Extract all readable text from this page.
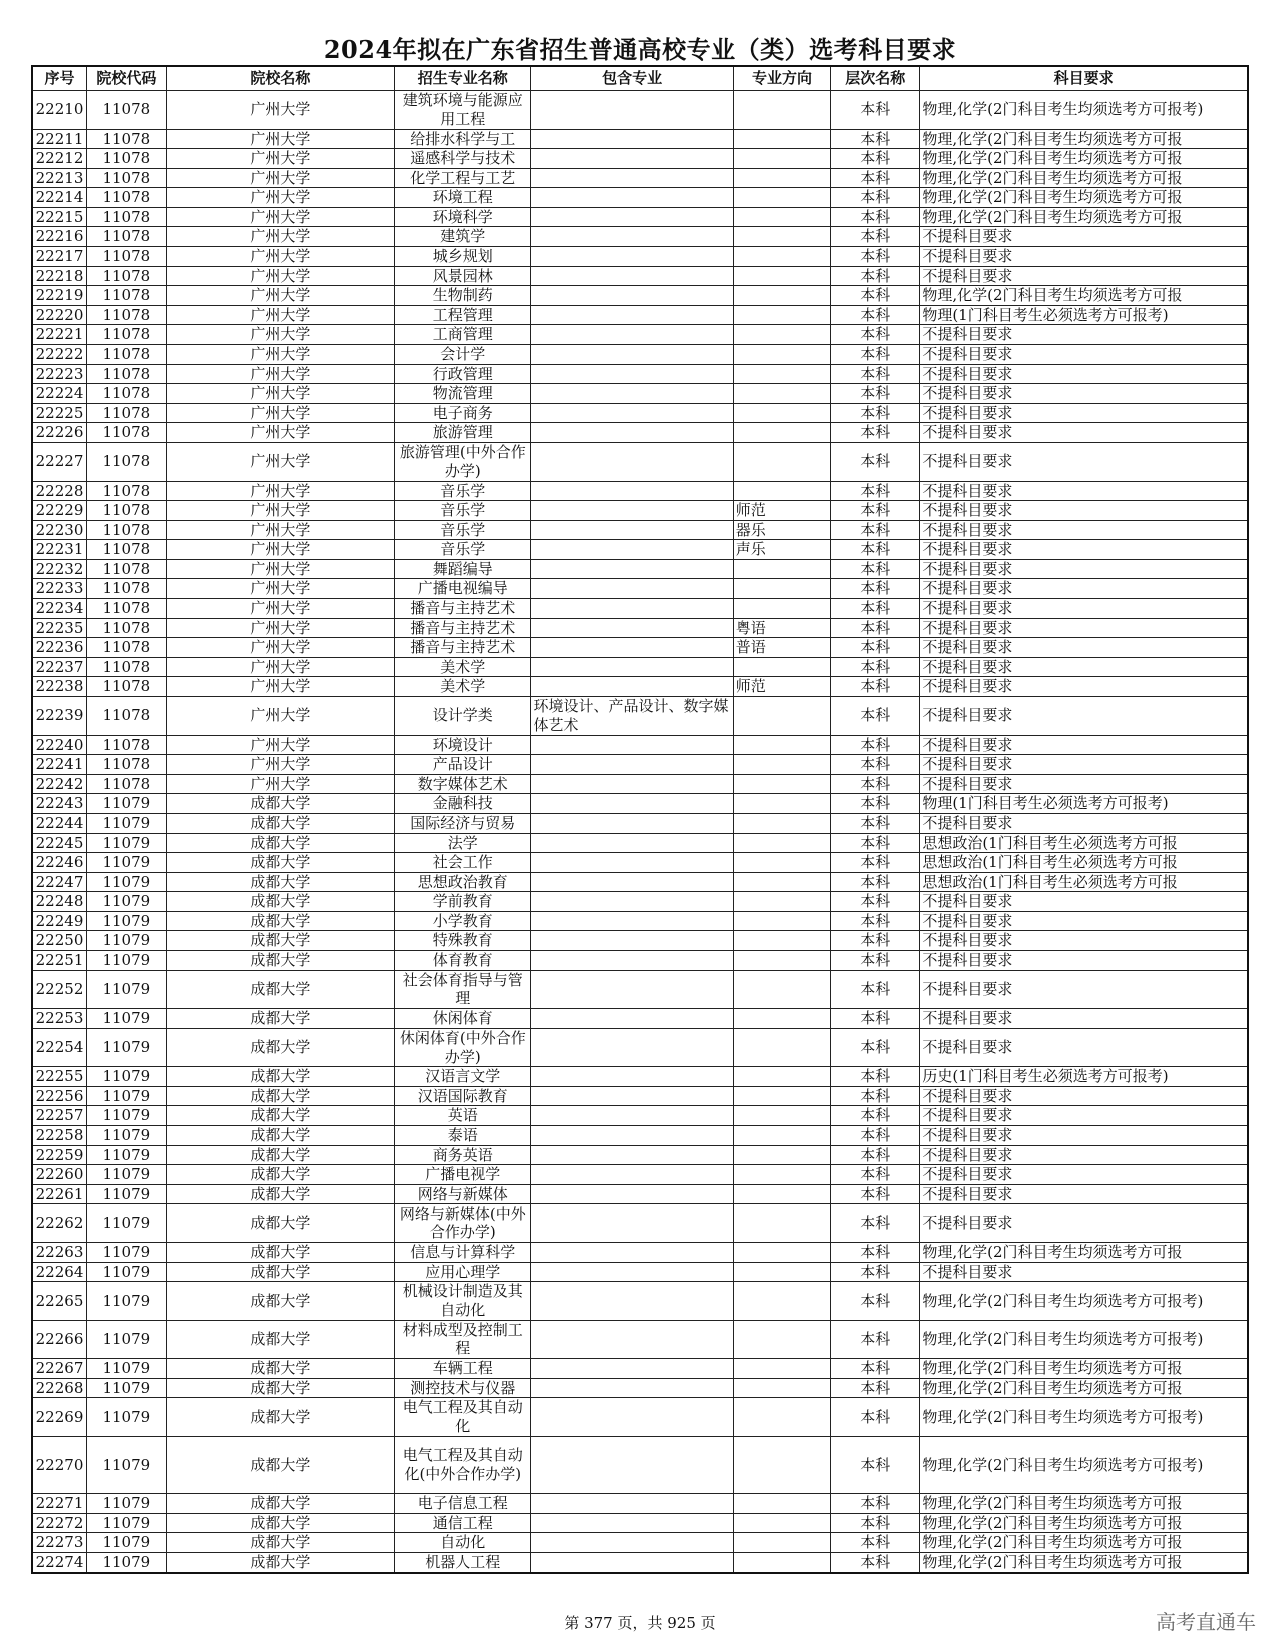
2024年拟在广东省招生普通高校专业（类）选考科目要求
序号	院校代码	院校名称	招生专业名称	包含专业	专业方向	层次名称	科目要求
22210	11078	广州大学	建筑环境与能源应用工程			本科	物理,化学(2门科目考生均须选考方可报考)
22211	11078	广州大学	给排水科学与工			本科	物理,化学(2门科目考生均须选考方可报
22212	11078	广州大学	遥感科学与技术			本科	物理,化学(2门科目考生均须选考方可报
22213	11078	广州大学	化学工程与工艺			本科	物理,化学(2门科目考生均须选考方可报
22214	11078	广州大学	环境工程			本科	物理,化学(2门科目考生均须选考方可报
22215	11078	广州大学	环境科学			本科	物理,化学(2门科目考生均须选考方可报
22216	11078	广州大学	建筑学			本科	不提科目要求
22217	11078	广州大学	城乡规划			本科	不提科目要求
22218	11078	广州大学	风景园林			本科	不提科目要求
22219	11078	广州大学	生物制药			本科	物理,化学(2门科目考生均须选考方可报
22220	11078	广州大学	工程管理			本科	物理(1门科目考生必须选考方可报考)
22221	11078	广州大学	工商管理			本科	不提科目要求
22222	11078	广州大学	会计学			本科	不提科目要求
22223	11078	广州大学	行政管理			本科	不提科目要求
22224	11078	广州大学	物流管理			本科	不提科目要求
22225	11078	广州大学	电子商务			本科	不提科目要求
22226	11078	广州大学	旅游管理			本科	不提科目要求
22227	11078	广州大学	旅游管理(中外合作办学)			本科	不提科目要求
22228	11078	广州大学	音乐学			本科	不提科目要求
22229	11078	广州大学	音乐学		师范	本科	不提科目要求
22230	11078	广州大学	音乐学		器乐	本科	不提科目要求
22231	11078	广州大学	音乐学		声乐	本科	不提科目要求
22232	11078	广州大学	舞蹈编导			本科	不提科目要求
22233	11078	广州大学	广播电视编导			本科	不提科目要求
22234	11078	广州大学	播音与主持艺术			本科	不提科目要求
22235	11078	广州大学	播音与主持艺术		粤语	本科	不提科目要求
22236	11078	广州大学	播音与主持艺术		普语	本科	不提科目要求
22237	11078	广州大学	美术学			本科	不提科目要求
22238	11078	广州大学	美术学		师范	本科	不提科目要求
22239	11078	广州大学	设计学类	环境设计、产品设计、数字媒体艺术		本科	不提科目要求
22240	11078	广州大学	环境设计			本科	不提科目要求
22241	11078	广州大学	产品设计			本科	不提科目要求
22242	11078	广州大学	数字媒体艺术			本科	不提科目要求
22243	11079	成都大学	金融科技			本科	物理(1门科目考生必须选考方可报考)
22244	11079	成都大学	国际经济与贸易			本科	不提科目要求
22245	11079	成都大学	法学			本科	思想政治(1门科目考生必须选考方可报
22246	11079	成都大学	社会工作			本科	思想政治(1门科目考生必须选考方可报
22247	11079	成都大学	思想政治教育			本科	思想政治(1门科目考生必须选考方可报
22248	11079	成都大学	学前教育			本科	不提科目要求
22249	11079	成都大学	小学教育			本科	不提科目要求
22250	11079	成都大学	特殊教育			本科	不提科目要求
22251	11079	成都大学	体育教育			本科	不提科目要求
22252	11079	成都大学	社会体育指导与管理			本科	不提科目要求
22253	11079	成都大学	休闲体育			本科	不提科目要求
22254	11079	成都大学	休闲体育(中外合作办学)			本科	不提科目要求
22255	11079	成都大学	汉语言文学			本科	历史(1门科目考生必须选考方可报考)
22256	11079	成都大学	汉语国际教育			本科	不提科目要求
22257	11079	成都大学	英语			本科	不提科目要求
22258	11079	成都大学	泰语			本科	不提科目要求
22259	11079	成都大学	商务英语			本科	不提科目要求
22260	11079	成都大学	广播电视学			本科	不提科目要求
22261	11079	成都大学	网络与新媒体			本科	不提科目要求
22262	11079	成都大学	网络与新媒体(中外合作办学)			本科	不提科目要求
22263	11079	成都大学	信息与计算科学			本科	物理,化学(2门科目考生均须选考方可报
22264	11079	成都大学	应用心理学			本科	不提科目要求
22265	11079	成都大学	机械设计制造及其自动化			本科	物理,化学(2门科目考生均须选考方可报考)
22266	11079	成都大学	材料成型及控制工程			本科	物理,化学(2门科目考生均须选考方可报考)
22267	11079	成都大学	车辆工程			本科	物理,化学(2门科目考生均须选考方可报
22268	11079	成都大学	测控技术与仪器			本科	物理,化学(2门科目考生均须选考方可报
22269	11079	成都大学	电气工程及其自动化			本科	物理,化学(2门科目考生均须选考方可报考)
22270	11079	成都大学	电气工程及其自动化(中外合作办学)			本科	物理,化学(2门科目考生均须选考方可报考)
22271	11079	成都大学	电子信息工程			本科	物理,化学(2门科目考生均须选考方可报
22272	11079	成都大学	通信工程			本科	物理,化学(2门科目考生均须选考方可报
22273	11079	成都大学	自动化			本科	物理,化学(2门科目考生均须选考方可报
22274	11079	成都大学	机器人工程			本科	物理,化学(2门科目考生均须选考方可报
第 377 页，共 925 页	高考直通车
